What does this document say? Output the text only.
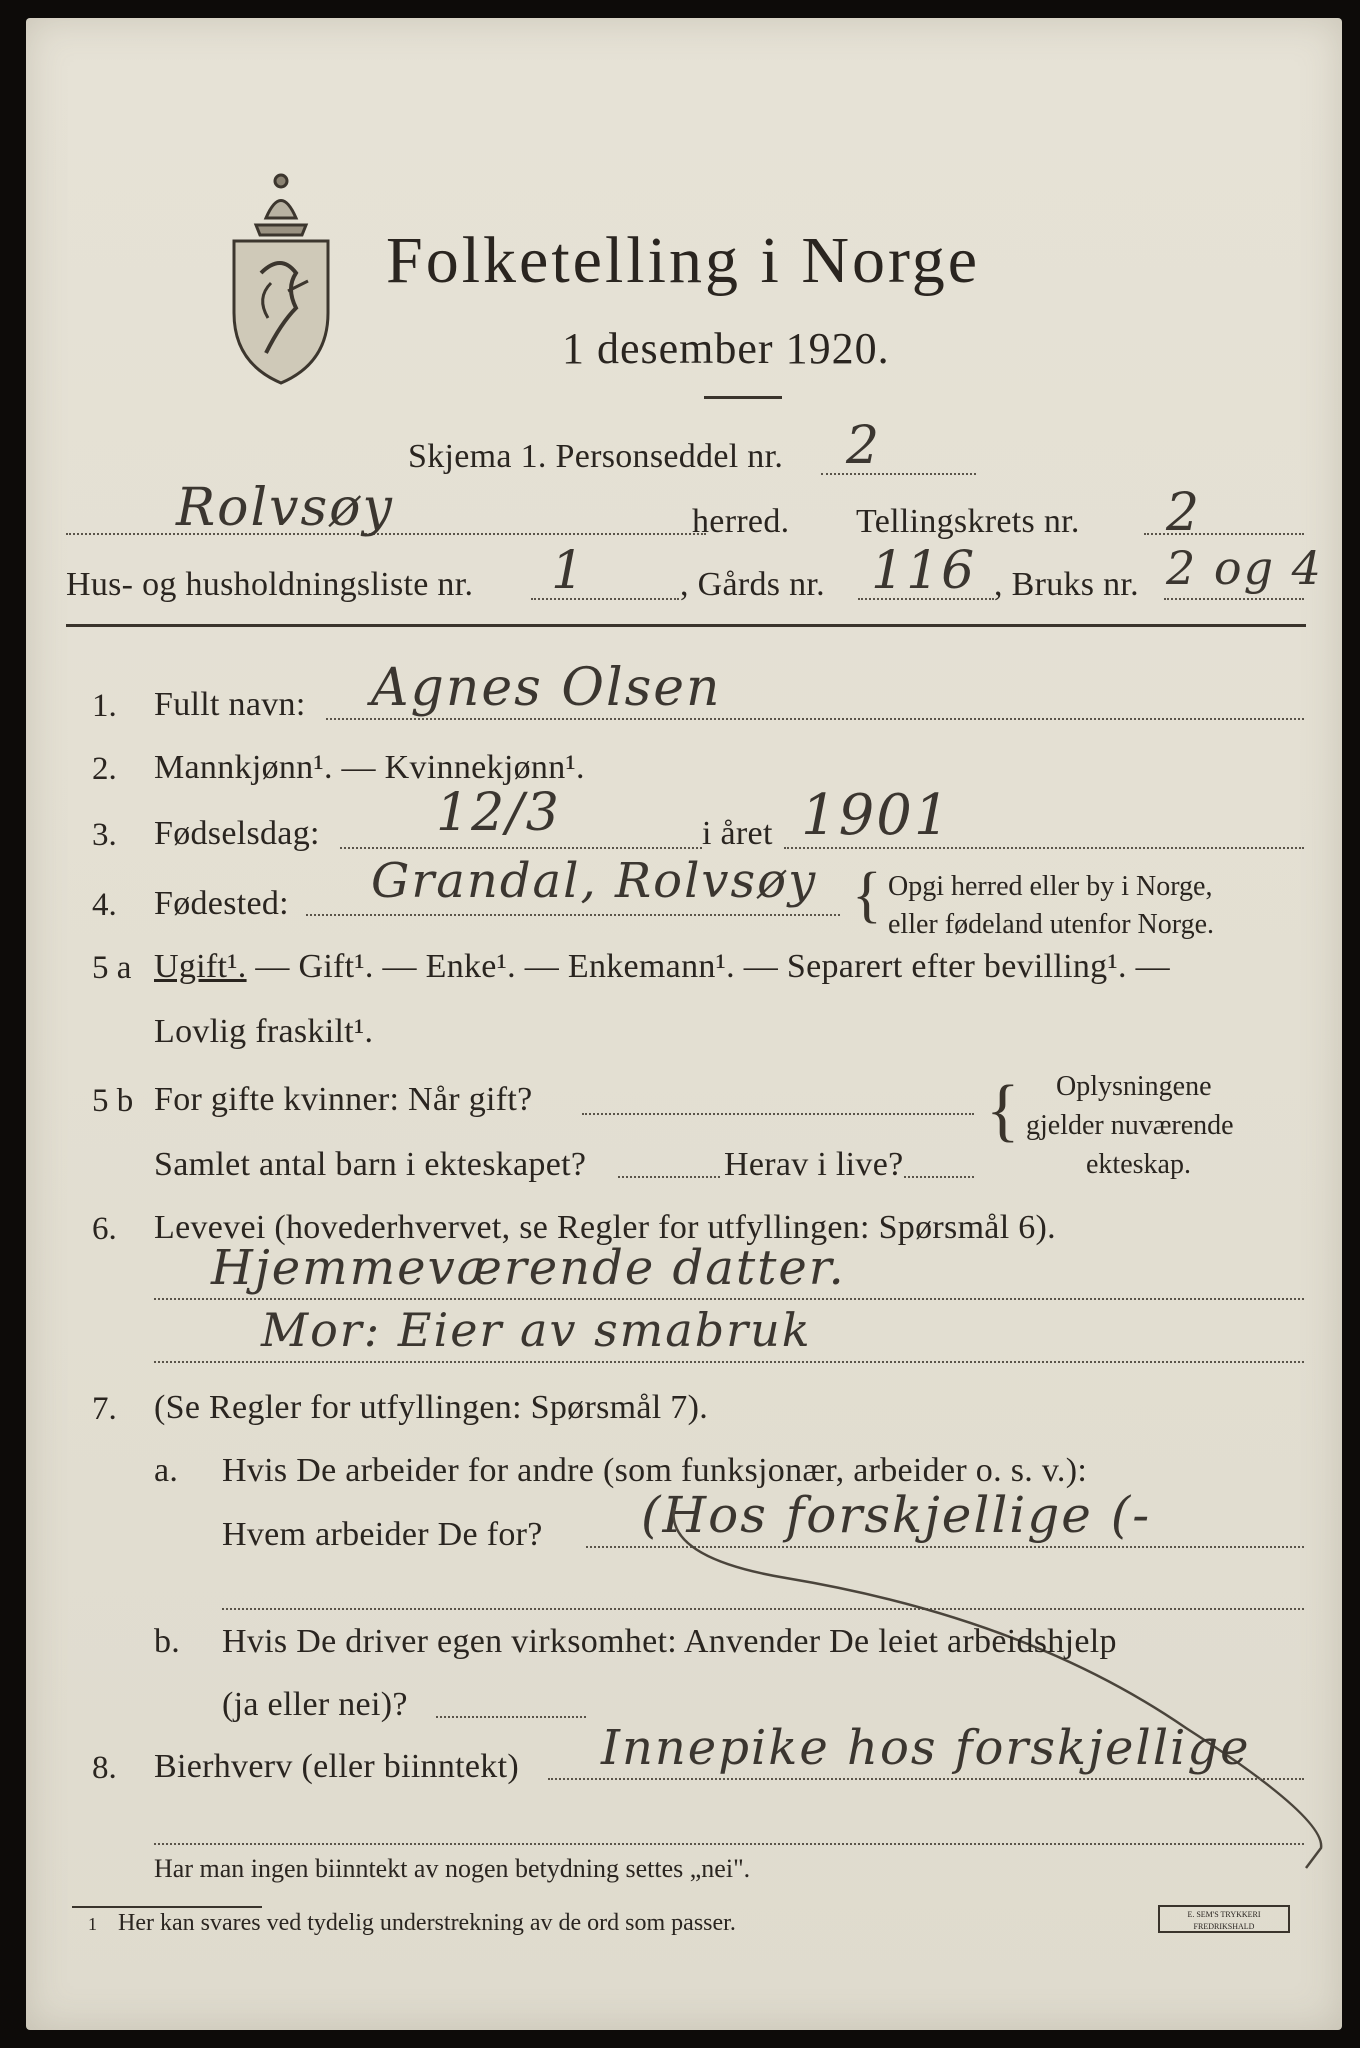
Folketelling i Norge
1 desember 1920.
Skjema 1. Personseddel nr. 2
Rolvsøy	herred. Tellingskrets nr. 2
Hus- og husholdningsliste nr. 1	, Gårds nr. 116 , Bruks nr. 2 og 4
1. Fullt navn: Agnes Olsen
2. Mannkjønn¹. — Kvinnekjønn¹.
3. Fødselsdag: 12/3	i året 1901
4. Fødested: Grandal, Rolvsøy { Opgi herred eller by i Norge,
eller fødeland utenfor Norge.
5 a Ugift¹. — Gift¹. — Enke¹. — Enkemann¹. — Separert efter bevilling¹. —
Lovlig fraskilt¹.
5 b For gifte kvinner: Når gift?
Samlet antal barn i ekteskapet?	Herav i live?
{ Oplysningene
gjelder nuværende
ekteskap.
6. Levevei (hovederhvervet, se Regler for utfyllingen: Spørsmål 6).
Hjemmeværende datter.
Mor: Eier av smabruk
7. (Se Regler for utfyllingen: Spørsmål 7).
a. Hvis De arbeider for andre (som funksjonær, arbeider o. s. v.):
Hvem arbeider De for? (Hos forskjellige (-
b. Hvis De driver egen virksomhet: Anvender De leiet arbeidshjelp
(ja eller nei)?
8. Bierhverv (eller biinntekt) Innepike hos forskjellige
Har man ingen biinntekt av nogen betydning settes „nei".
1 Her kan svares ved tydelig understrekning av de ord som passer.	E. SEM'S TRYKKERI FREDRIKSHALD
